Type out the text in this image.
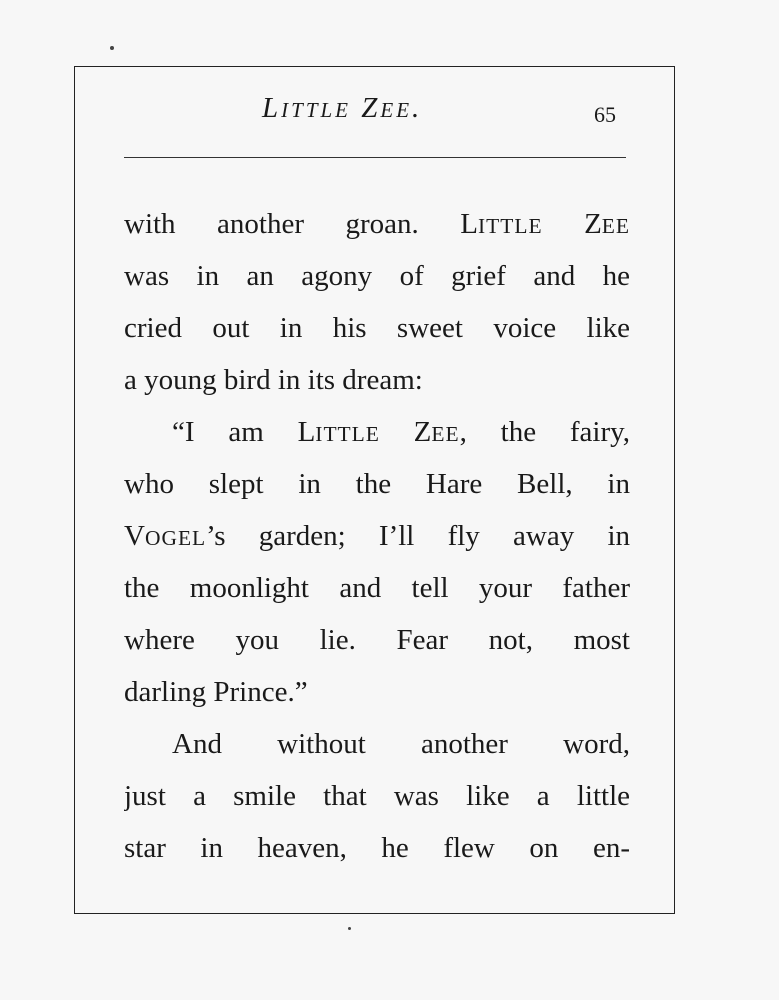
LITTLE ZEE.	65
with another groan. LITTLE ZEE
was in an agony of grief and he
cried out in his sweet voice like
a young bird in its dream:
“I am LITTLE ZEE, the fairy,
who slept in the Hare Bell, in
VOGEL’s garden; I’ll fly away in
the moonlight and tell your father
where you lie. Fear not, most
darling Prince.”
And without another word,
just a smile that was like a little
star in heaven, he flew on en-
